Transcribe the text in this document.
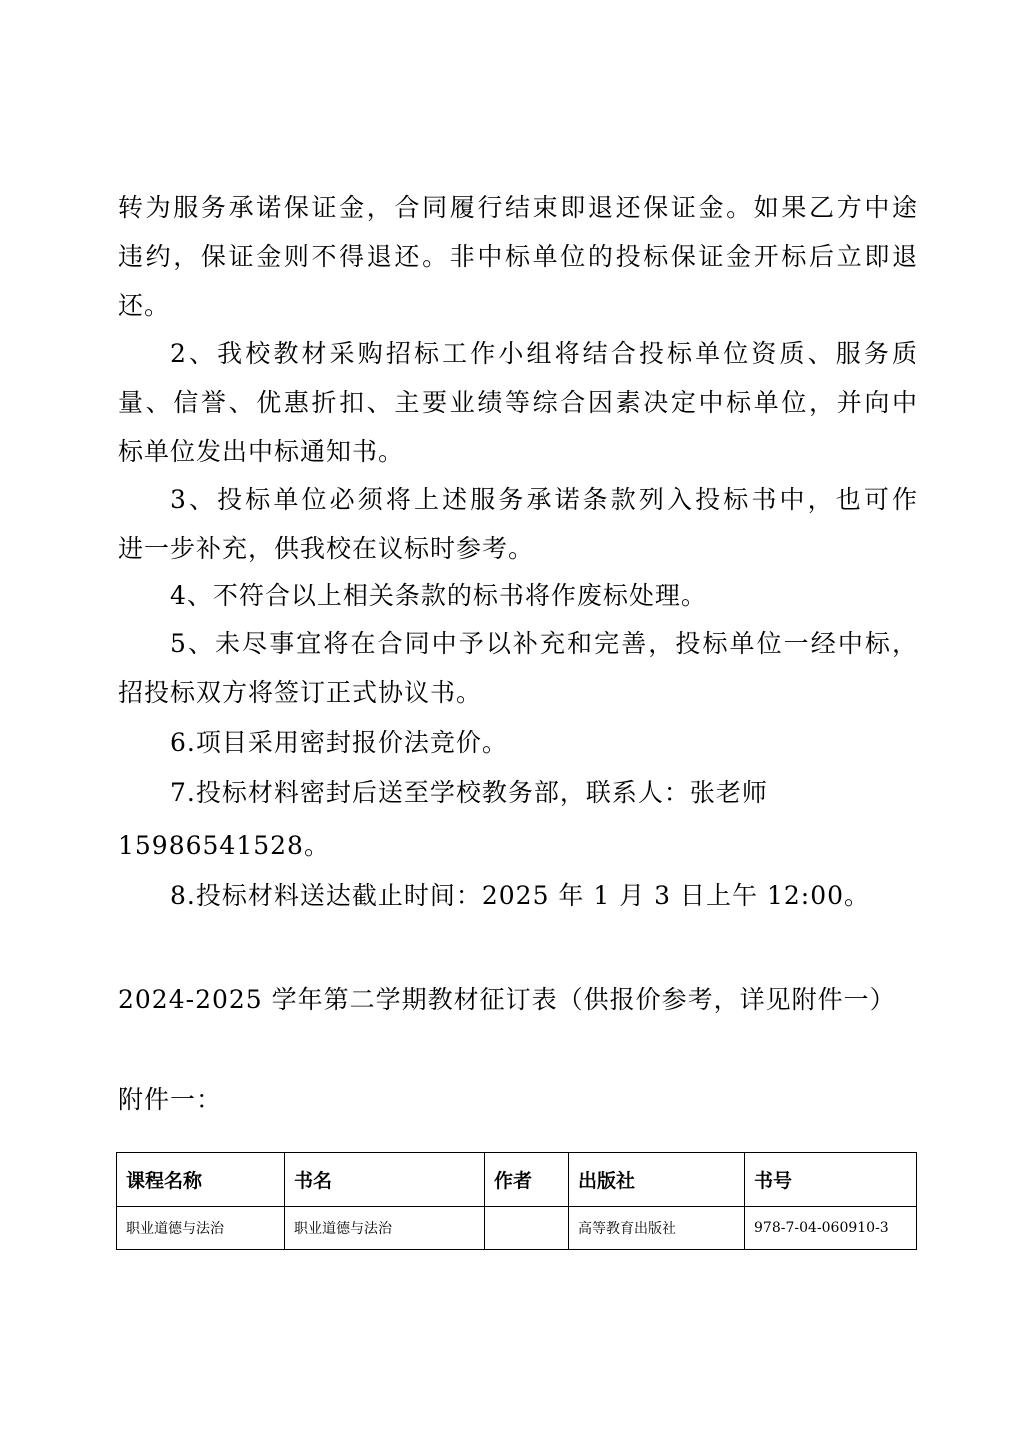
转为服务承诺保证金，合同履行结束即退还保证金。如果乙方中途
违约，保证金则不得退还。非中标单位的投标保证金开标后立即退
还。
2、我校教材采购招标工作小组将结合投标单位资质、服务质
量、信誉、优惠折扣、主要业绩等综合因素决定中标单位，并向中
标单位发出中标通知书。
3、投标单位必须将上述服务承诺条款列入投标书中，也可作
进一步补充，供我校在议标时参考。
4、不符合以上相关条款的标书将作废标处理。
5、未尽事宜将在合同中予以补充和完善，投标单位一经中标，
招投标双方将签订正式协议书。
6.项目采用密封报价法竞价。
7.投标材料密封后送至学校教务部，联系人：张老师
15986541528。
8.投标材料送达截止时间：2025 年 1 月 3 日上午 12:00。
2024-2025 学年第二学期教材征订表（供报价参考，详见附件一）
附件一：
课程名称	书名	作者	出版社	书号
职业道德与法治	职业道德与法治		高等教育出版社	978-7-04-060910-3
